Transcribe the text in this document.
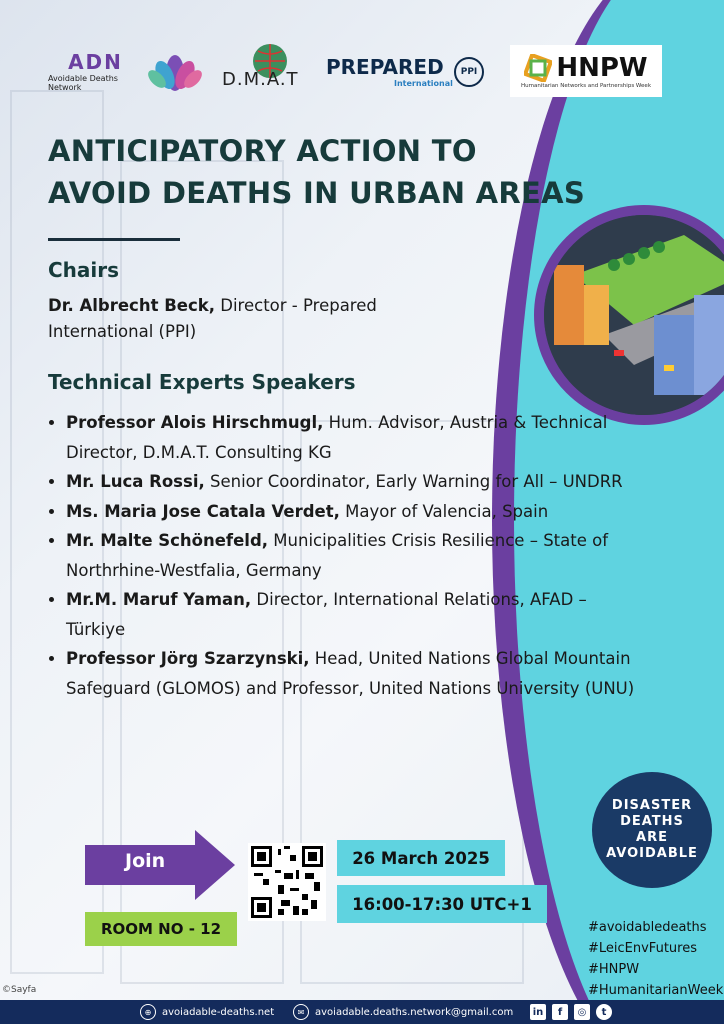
ADN
Avoidable Deaths Network	D.M.A.T
PREPARED
International
PPI	HNPW
Humanitarian Networks and Partnerships Week
ANTICIPATORY ACTION TO
AVOID DEATHS IN URBAN AREAS
Chairs
Dr. Albrecht Beck, Director - Prepared International (PPI)
Technical Experts Speakers
• Professor Alois Hirschmugl, Hum. Advisor, Austria & Technical Director, D.M.A.T. Consulting KG
• Mr. Luca Rossi, Senior Coordinator, Early Warning for All – UNDRR
• Ms. Maria Jose Catala Verdet, Mayor of Valencia, Spain
• Mr. Malte Schönefeld, Municipalities Crisis Resilience – State of Northrhine-Westfalia, Germany
• Mr.M. Maruf Yaman, Director, International Relations, AFAD – Türkiye
• Professor Jörg Szarzynski, Head, United Nations Global Mountain Safeguard (GLOMOS) and Professor, United Nations University (UNU)
Join
ROOM NO - 12
26 March 2025
16:00-17:30 UTC+1
DISASTER
DEATHS
ARE
AVOIDABLE
#avoidabledeaths
#LeicEnvFutures
#HNPW
#HumanitarianWeek
©Sayfa
⊕	avoiadable-deaths.net	✉	avoiadable.deaths.network@gmail.com in	f	◎	t
